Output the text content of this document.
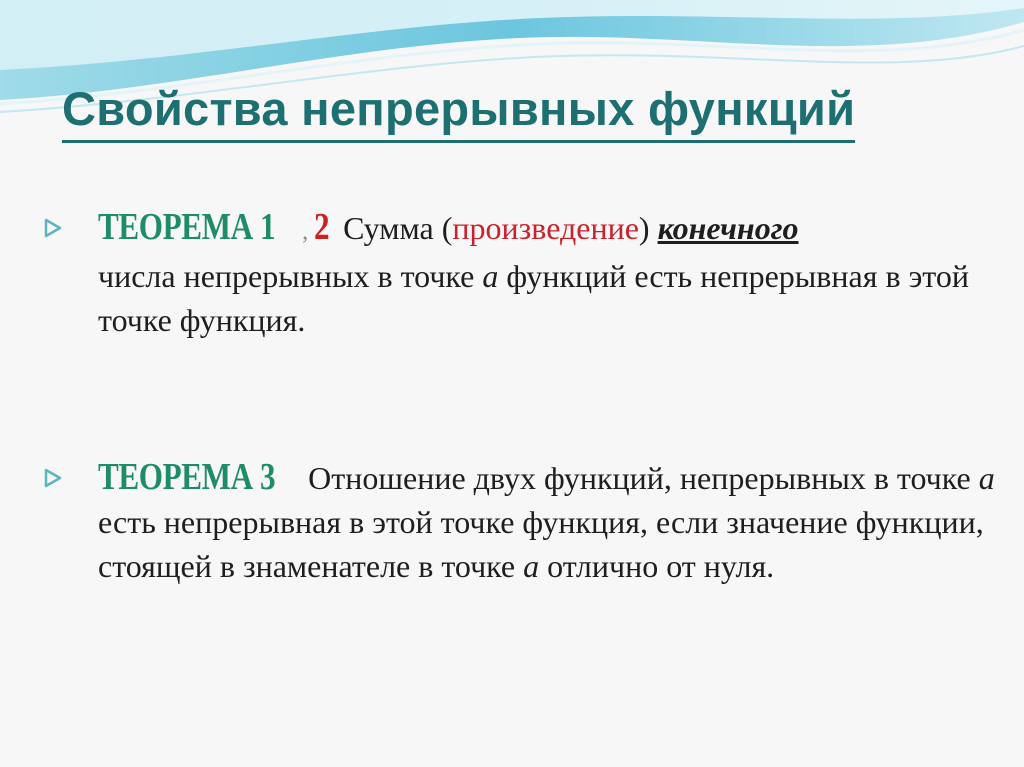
Свойства непрерывных функций
ТЕОРЕМА 1 , 2 Сумма (произведение) конечного
числа непрерывных в точке a функций есть непрерывная в этой точке функция.
ТЕОРЕМА 3 Отношение двух функций, непрерывных в точке a есть непрерывная в этой точке функция, если значение функции, стоящей в знаменателе в точке a отлично от нуля.
